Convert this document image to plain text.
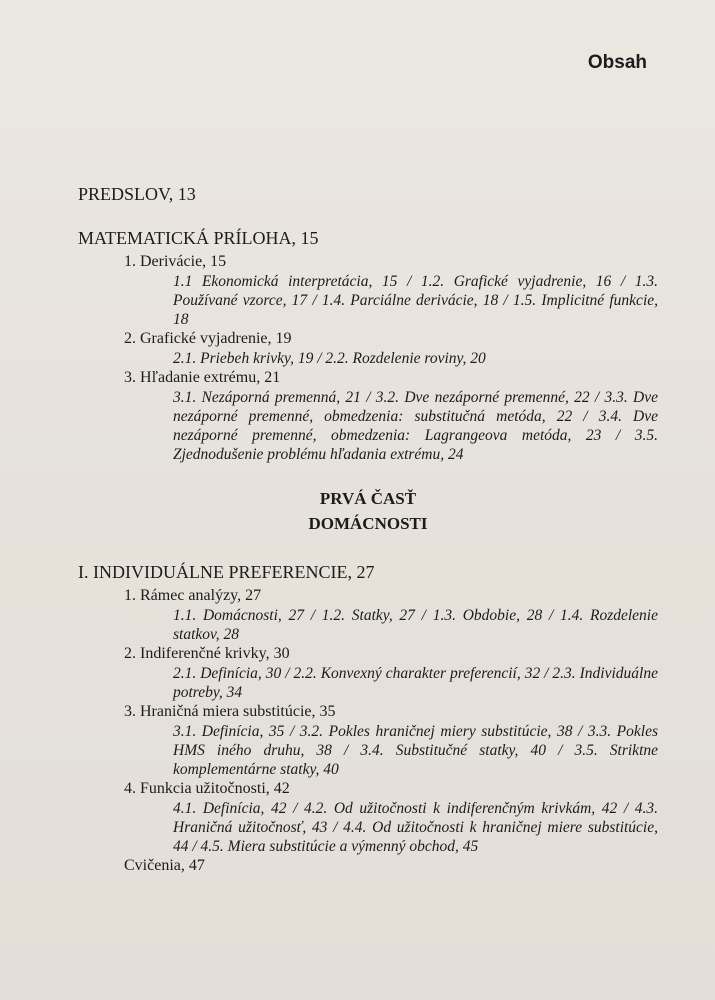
Obsah
PREDSLOV, 13
MATEMATICKÁ PRÍLOHA, 15
1. Derivácie, 15
1.1 Ekonomická interpretácia, 15 / 1.2. Grafické vyjadrenie, 16 / 1.3. Používané vzorce, 17 / 1.4. Parciálne derivácie, 18 / 1.5. Implicitné funkcie, 18
2. Grafické vyjadrenie, 19
2.1. Priebeh krivky, 19 / 2.2. Rozdelenie roviny, 20
3. Hľadanie extrému, 21
3.1. Nezáporná premenná, 21 / 3.2. Dve nezáporné premenné, 22 / 3.3. Dve nezáporné premenné, obmedzenia: substitučná metóda, 22 / 3.4. Dve nezáporné premenné, obmedzenia: Lagrangeova metóda, 23 / 3.5. Zjednodušenie problému hľadania extrému, 24
PRVÁ ČASŤ
DOMÁCNOSTI
I. INDIVIDUÁLNE PREFERENCIE, 27
1. Rámec analýzy, 27
1.1. Domácnosti, 27 / 1.2. Statky, 27 / 1.3. Obdobie, 28 / 1.4. Rozdelenie statkov, 28
2. Indiferenčné krivky, 30
2.1. Definícia, 30 / 2.2. Konvexný charakter preferencií, 32 / 2.3. Individuálne potreby, 34
3. Hraničná miera substitúcie, 35
3.1. Definícia, 35 / 3.2. Pokles hraničnej miery substitúcie, 38 / 3.3. Pokles HMS iného druhu, 38 / 3.4. Substitučné statky, 40 / 3.5. Striktne komplementárne statky, 40
4. Funkcia užitočnosti, 42
4.1. Definícia, 42 / 4.2. Od užitočnosti k indiferenčným krivkám, 42 / 4.3. Hraničná užitočnosť, 43 / 4.4. Od užitočnosti k hraničnej miere substitúcie, 44 / 4.5. Miera substitúcie a výmenný obchod, 45
Cvičenia, 47
